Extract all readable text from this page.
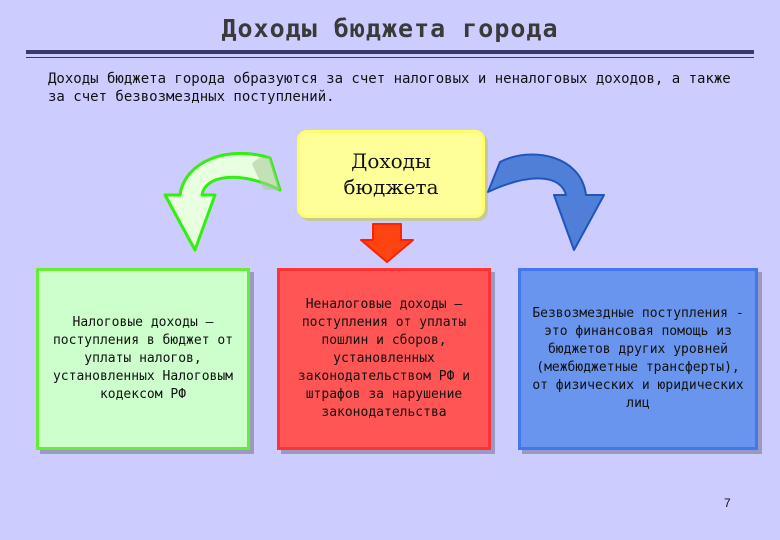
Доходы бюджета города
Доходы бюджета города образуются за счет налоговых и неналоговых доходов, а также за счет безвозмездных поступлений.
Доходы
бюджета
Налоговые доходы – поступления в бюджет от уплаты налогов, установленных Налоговым кодексом РФ
Неналоговые доходы – поступления от уплаты пошлин и сборов, установленных законодательством РФ и штрафов за нарушение законодательства
Безвозмездные поступления - это финансовая помощь из бюджетов других уровней (межбюджетные трансферты), от физических и юридических лиц
7
